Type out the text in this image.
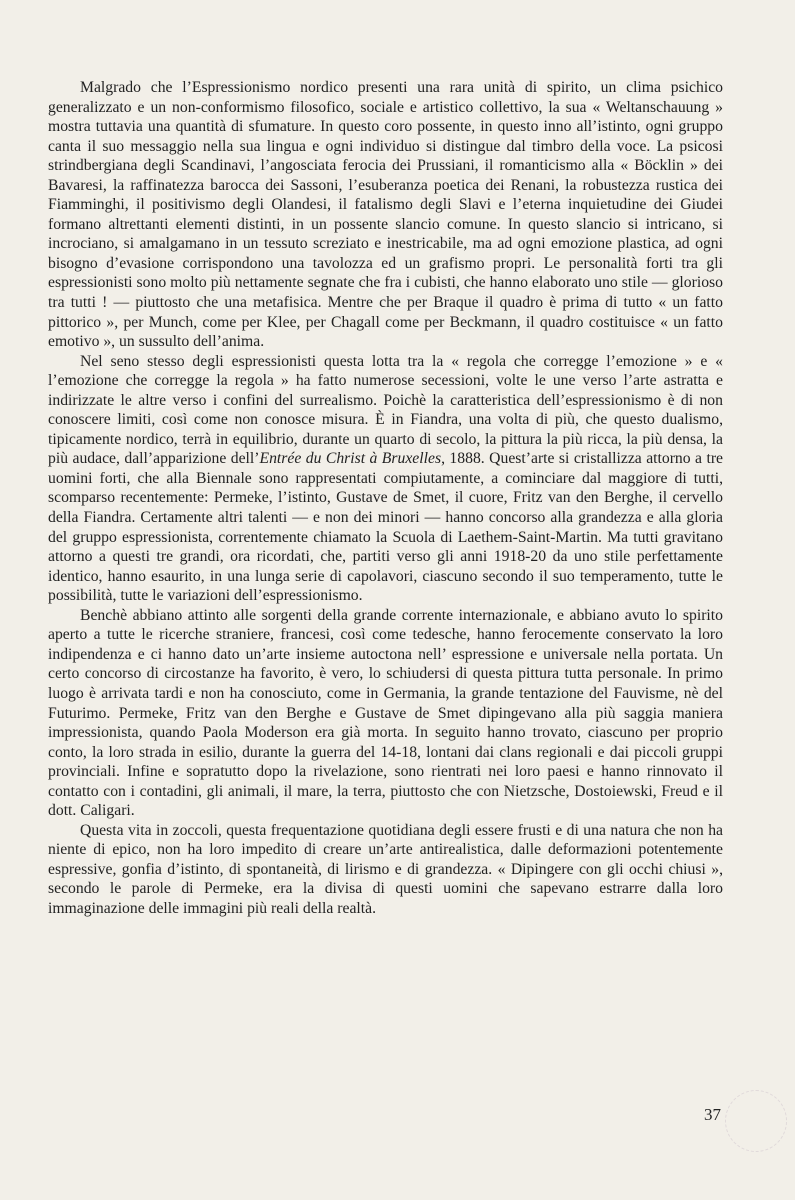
Malgrado che l’Espressionismo nordico presenti una rara unità di spirito, un clima psichico generalizzato e un non-conformismo filosofico, sociale e artistico collettivo, la sua « Weltanschauung » mostra tuttavia una quantità di sfumature. In questo coro possente, in questo inno all’istinto, ogni gruppo canta il suo messaggio nella sua lingua e ogni individuo si distingue dal timbro della voce. La psicosi strindbergiana degli Scandinavi, l’angosciata ferocia dei Prussiani, il romanticismo alla « Böcklin » dei Bavaresi, la raffinatezza barocca dei Sassoni, l’esuberanza poetica dei Renani, la robustezza rustica dei Fiamminghi, il positivismo degli Olandesi, il fatalismo degli Slavi e l’eterna inquietudine dei Giudei formano altrettanti elementi distinti, in un possente slancio comune. In questo slancio si intricano, si incrociano, si amalgamano in un tessuto screziato e inestricabile, ma ad ogni emozione plastica, ad ogni bisogno d’evasione corrispondono una tavolozza ed un grafismo propri. Le personalità forti tra gli espressionisti sono molto più nettamente segnate che fra i cubisti, che hanno elaborato uno stile — glorioso tra tutti ! — piuttosto che una metafisica. Mentre che per Braque il quadro è prima di tutto « un fatto pittorico », per Munch, come per Klee, per Chagall come per Beckmann, il quadro costituisce « un fatto emotivo », un sussulto dell’anima.

Nel seno stesso degli espressionisti questa lotta tra la « regola che corregge l’emozione » e « l’emozione che corregge la regola » ha fatto numerose secessioni, volte le une verso l’arte astratta e indirizzate le altre verso i confini del surrealismo. Poichè la caratteristica dell’espressionismo è di non conoscere limiti, così come non conosce misura. È in Fiandra, una volta di più, che questo dualismo, tipicamente nordico, terrà in equilibrio, durante un quarto di secolo, la pittura la più ricca, la più densa, la più audace, dall’apparizione dell’Entrée du Christ à Bruxelles, 1888. Quest’arte si cristallizza attorno a tre uomini forti, che alla Biennale sono rappresentati compiutamente, a cominciare dal maggiore di tutti, scomparso recentemente: Permeke, l’istinto, Gustave de Smet, il cuore, Fritz van den Berghe, il cervello della Fiandra. Certamente altri talenti — e non dei minori — hanno concorso alla grandezza e alla gloria del gruppo espressionista, correntemente chiamato la Scuola di Laethem-Saint-Martin. Ma tutti gravitano attorno a questi tre grandi, ora ricordati, che, partiti verso gli anni 1918-20 da uno stile perfettamente identico, hanno esaurito, in una lunga serie di capolavori, ciascuno secondo il suo temperamento, tutte le possibilità, tutte le variazioni dell’espressionismo.

Benchè abbiano attinto alle sorgenti della grande corrente internazionale, e abbiano avuto lo spirito aperto a tutte le ricerche straniere, francesi, così come tedesche, hanno ferocemente conservato la loro indipendenza e ci hanno dato un’arte insieme autoctona nell’ espressione e universale nella portata. Un certo concorso di circostanze ha favorito, è vero, lo schiudersi di questa pittura tutta personale. In primo luogo è arrivata tardi e non ha conosciuto, come in Germania, la grande tentazione del Fauvisme, nè del Futurimo. Permeke, Fritz van den Berghe e Gustave de Smet dipingevano alla più saggia maniera impressionista, quando Paola Moderson era già morta. In seguito hanno trovato, ciascuno per proprio conto, la loro strada in esilio, durante la guerra del 14-18, lontani dai clans regionali e dai piccoli gruppi provinciali. Infine e sopratutto dopo la rivelazione, sono rientrati nei loro paesi e hanno rinnovato il contatto con i contadini, gli animali, il mare, la terra, piuttosto che con Nietzsche, Dostoiewski, Freud e il dott. Caligari.

Questa vita in zoccoli, questa frequentazione quotidiana degli essere frusti e di una natura che non ha niente di epico, non ha loro impedito di creare un’arte antirealistica, dalle deformazioni potentemente espressive, gonfia d’istinto, di spontaneità, di lirismo e di grandezza. « Dipingere con gli occhi chiusi », secondo le parole di Permeke, era la divisa di questi uomini che sapevano estrarre dalla loro immaginazione delle immagini più reali della realtà.

37
